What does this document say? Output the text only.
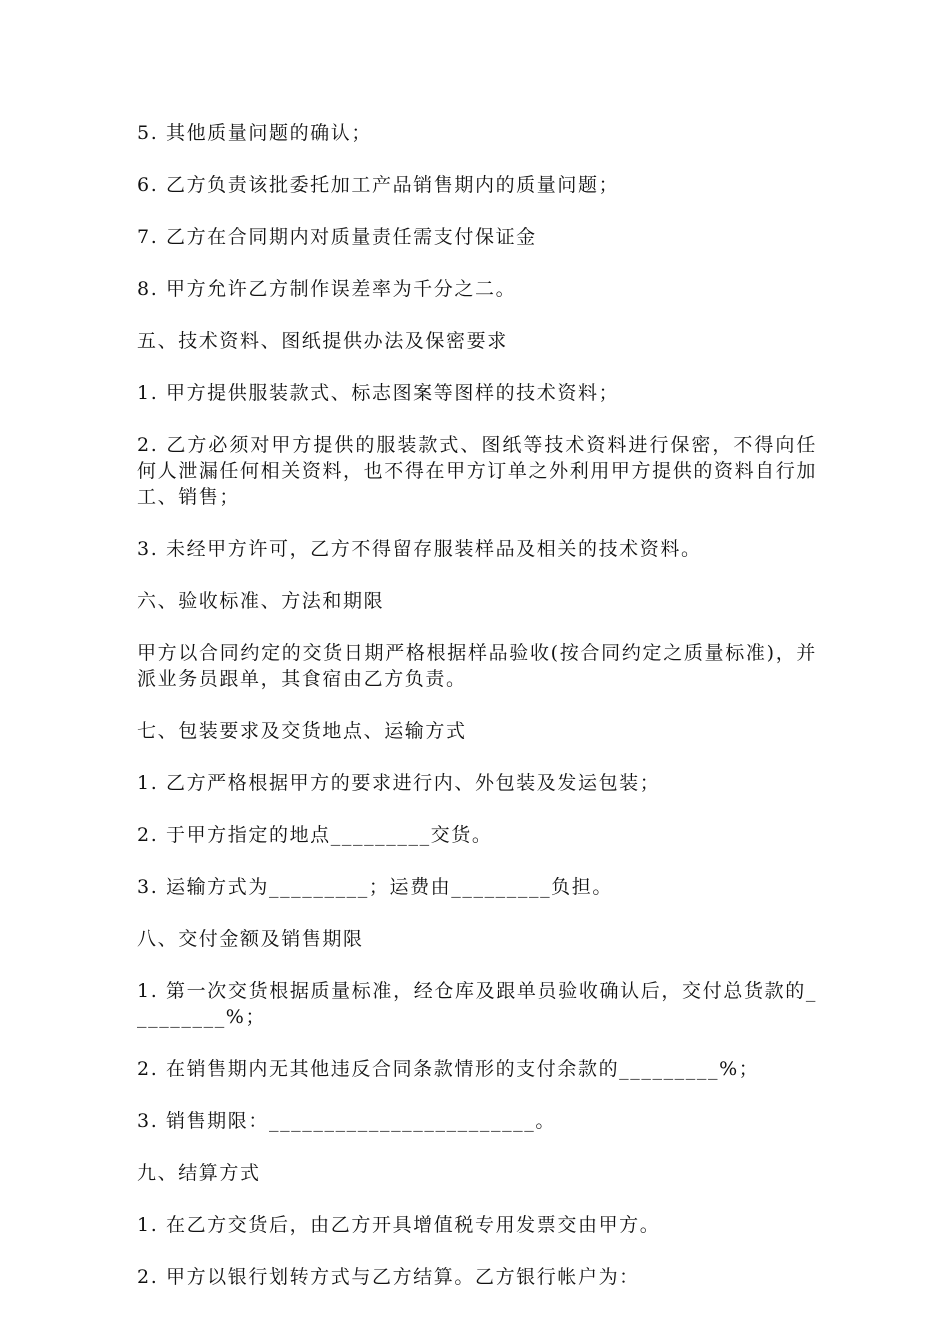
5. 其他质量问题的确认；

6. 乙方负责该批委托加工产品销售期内的质量问题；

7. 乙方在合同期内对质量责任需支付保证金

8. 甲方允许乙方制作误差率为千分之二。

五、技术资料、图纸提供办法及保密要求

1. 甲方提供服装款式、标志图案等图样的技术资料；

2. 乙方必须对甲方提供的服装款式、图纸等技术资料进行保密，不得向任何人泄漏任何相关资料，也不得在甲方订单之外利用甲方提供的资料自行加工、销售；

3. 未经甲方许可，乙方不得留存服装样品及相关的技术资料。

六、验收标准、方法和期限

甲方以合同约定的交货日期严格根据样品验收(按合同约定之质量标准)，并派业务员跟单，其食宿由乙方负责。

七、包装要求及交货地点、运输方式

1. 乙方严格根据甲方的要求进行内、外包装及发运包装；

2. 于甲方指定的地点_________交货。

3. 运输方式为_________；运费由_________负担。

八、交付金额及销售期限

1. 第一次交货根据质量标准，经仓库及跟单员验收确认后，交付总货款的_________%；

2. 在销售期内无其他违反合同条款情形的支付余款的_________%；

3. 销售期限：________________________。

九、结算方式

1. 在乙方交货后，由乙方开具增值税专用发票交由甲方。

2. 甲方以银行划转方式与乙方结算。乙方银行帐户为：
